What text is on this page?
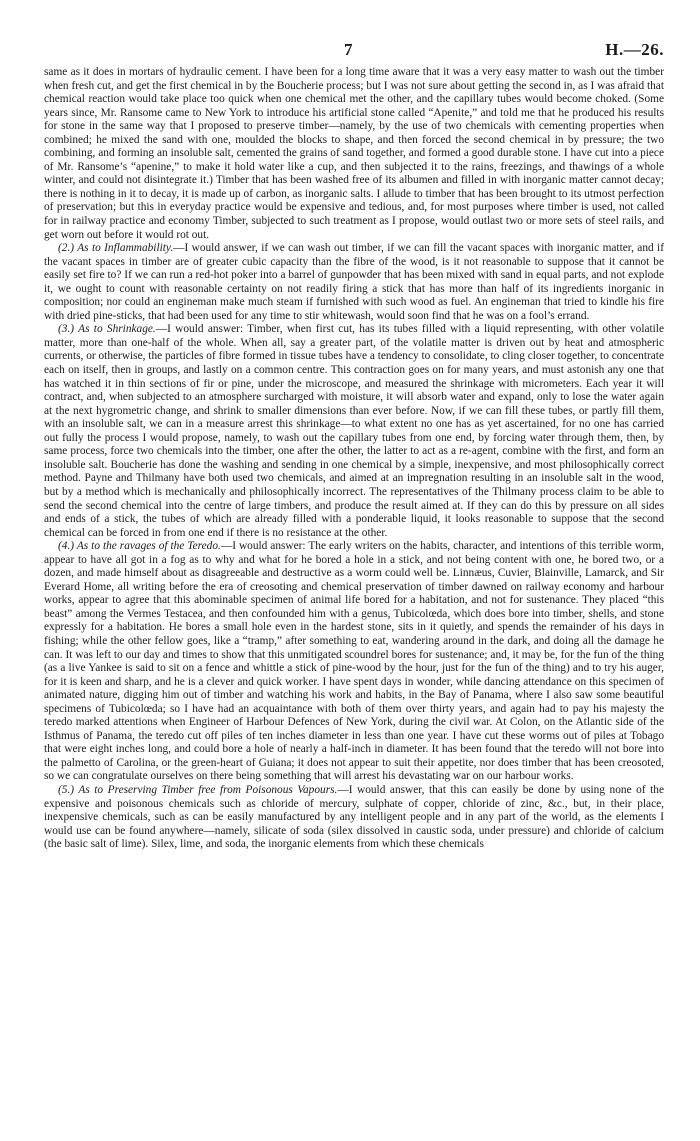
7	H.—26.

same as it does in mortars of hydraulic cement. I have been for a long time aware that it was a very easy matter to wash out the timber when fresh cut, and get the first chemical in by the Boucherie process; but I was not sure about getting the second in, as I was afraid that chemical reaction would take place too quick when one chemical met the other, and the capillary tubes would become choked. (Some years since, Mr. Ransome came to New York to introduce his artificial stone called “Apenite,” and told me that he produced his results for stone in the same way that I proposed to preserve timber—namely, by the use of two chemicals with cementing properties when combined; he mixed the sand with one, moulded the blocks to shape, and then forced the second chemical in by pressure; the two combining, and forming an insoluble salt, cemented the grains of sand together, and formed a good durable stone. I have cut into a piece of Mr. Ransome’s “apenine,” to make it hold water like a cup, and then subjected it to the rains, freezings, and thawings of a whole winter, and could not disintegrate it.) Timber that has been washed free of its albumen and filled in with inorganic matter cannot decay; there is nothing in it to decay, it is made up of carbon, as inorganic salts. I allude to timber that has been brought to its utmost perfection of preservation; but this in everyday practice would be expensive and tedious, and, for most purposes where timber is used, not called for in railway practice and economy Timber, subjected to such treatment as I propose, would outlast two or more sets of steel rails, and get worn out before it would rot out.

(2.) As to Inflammability.—I would answer, if we can wash out timber, if we can fill the vacant spaces with inorganic matter, and if the vacant spaces in timber are of greater cubic capacity than the fibre of the wood, is it not reasonable to suppose that it cannot be easily set fire to? If we can run a red-hot poker into a barrel of gunpowder that has been mixed with sand in equal parts, and not explode it, we ought to count with reasonable certainty on not readily firing a stick that has more than half of its ingredients inorganic in composition; nor could an engineman make much steam if furnished with such wood as fuel. An engineman that tried to kindle his fire with dried pine-sticks, that had been used for any time to stir whitewash, would soon find that he was on a fool’s errand.

(3.) As to Shrinkage.—I would answer: Timber, when first cut, has its tubes filled with a liquid representing, with other volatile matter, more than one-half of the whole. When all, say a greater part, of the volatile matter is driven out by heat and atmospheric currents, or otherwise, the particles of fibre formed in tissue tubes have a tendency to consolidate, to cling closer together, to concentrate each on itself, then in groups, and lastly on a common centre. This contraction goes on for many years, and must astonish any one that has watched it in thin sections of fir or pine, under the microscope, and measured the shrinkage with micrometers. Each year it will contract, and, when subjected to an atmosphere surcharged with moisture, it will absorb water and expand, only to lose the water again at the next hygrometric change, and shrink to smaller dimensions than ever before. Now, if we can fill these tubes, or partly fill them, with an insoluble salt, we can in a measure arrest this shrinkage—to what extent no one has as yet ascertained, for no one has carried out fully the process I would propose, namely, to wash out the capillary tubes from one end, by forcing water through them, then, by same process, force two chemicals into the timber, one after the other, the latter to act as a re-agent, combine with the first, and form an insoluble salt. Boucherie has done the washing and sending in one chemical by a simple, inexpensive, and most philosophically correct method. Payne and Thilmany have both used two chemicals, and aimed at an impregnation resulting in an insoluble salt in the wood, but by a method which is mechanically and philosophically incorrect. The representatives of the Thilmany process claim to be able to send the second chemical into the centre of large timbers, and produce the result aimed at. If they can do this by pressure on all sides and ends of a stick, the tubes of which are already filled with a ponderable liquid, it looks reasonable to suppose that the second chemical can be forced in from one end if there is no resistance at the other.

(4.) As to the ravages of the Teredo.—I would answer: The early writers on the habits, character, and intentions of this terrible worm, appear to have all got in a fog as to why and what for he bored a hole in a stick, and not being content with one, he bored two, or a dozen, and made himself about as disagreeable and destructive as a worm could well be. Linnæus, Cuvier, Blainville, Lamarck, and Sir Everard Home, all writing before the era of creosoting and chemical preservation of timber dawned on railway economy and harbour works, appear to agree that this abominable specimen of animal life bored for a habitation, and not for sustenance. They placed “this beast” among the Vermes Testacea, and then confounded him with a genus, Tubicolœda, which does bore into timber, shells, and stone expressly for a habitation. He bores a small hole even in the hardest stone, sits in it quietly, and spends the remainder of his days in fishing; while the other fellow goes, like a “tramp,” after something to eat, wandering around in the dark, and doing all the damage he can. It was left to our day and times to show that this unmitigated scoundrel bores for sustenance; and, it may be, for the fun of the thing (as a live Yankee is said to sit on a fence and whittle a stick of pine-wood by the hour, just for the fun of the thing) and to try his auger, for it is keen and sharp, and he is a clever and quick worker. I have spent days in wonder, while dancing attendance on this specimen of animated nature, digging him out of timber and watching his work and habits, in the Bay of Panama, where I also saw some beautiful specimens of Tubicolœda; so I have had an acquaintance with both of them over thirty years, and again had to pay his majesty the teredo marked attentions when Engineer of Harbour Defences of New York, during the civil war. At Colon, on the Atlantic side of the Isthmus of Panama, the teredo cut off piles of ten inches diameter in less than one year. I have cut these worms out of piles at Tobago that were eight inches long, and could bore a hole of nearly a half-inch in diameter. It has been found that the teredo will not bore into the palmetto of Carolina, or the green-heart of Guiana; it does not appear to suit their appetite, nor does timber that has been creosoted, so we can congratulate ourselves on there being something that will arrest his devastating war on our harbour works.

(5.) As to Preserving Timber free from Poisonous Vapours.—I would answer, that this can easily be done by using none of the expensive and poisonous chemicals such as chloride of mercury, sulphate of copper, chloride of zinc, &c., but, in their place, inexpensive chemicals, such as can be easily manufactured by any intelligent people and in any part of the world, as the elements I would use can be found anywhere—namely, silicate of soda (silex dissolved in caustic soda, under pressure) and chloride of calcium (the basic salt of lime). Silex, lime, and soda, the inorganic elements from which these chemicals
